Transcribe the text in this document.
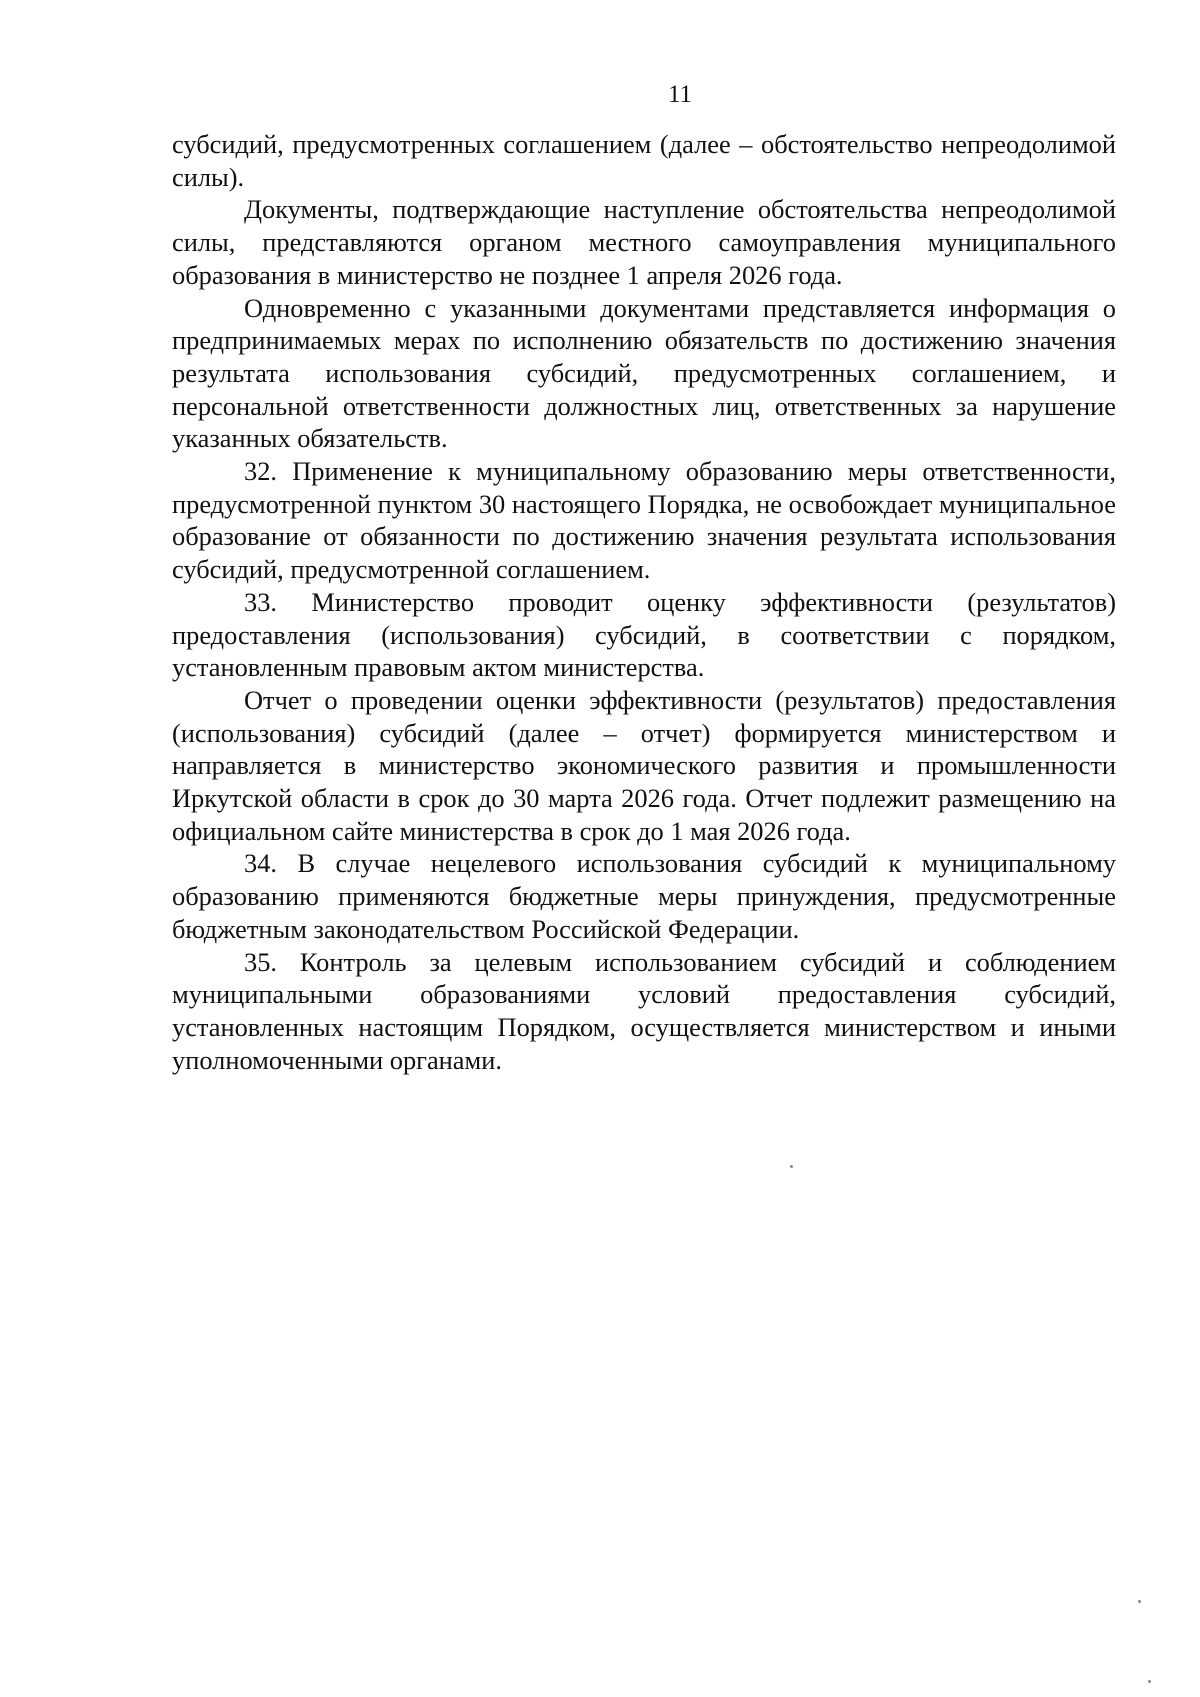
11

субсидий, предусмотренных соглашением (далее – обстоятельство непреодолимой силы).

Документы, подтверждающие наступление обстоятельства непреодолимой силы, представляются органом местного самоуправления муниципального образования в министерство не позднее 1 апреля 2026 года.

Одновременно с указанными документами представляется информация о предпринимаемых мерах по исполнению обязательств по достижению значения результата использования субсидий, предусмотренных соглашением, и персональной ответственности должностных лиц, ответственных за нарушение указанных обязательств.

32. Применение к муниципальному образованию меры ответственности, предусмотренной пунктом 30 настоящего Порядка, не освобождает муниципальное образование от обязанности по достижению значения результата использования субсидий, предусмотренной соглашением.

33. Министерство проводит оценку эффективности (результатов) предоставления (использования) субсидий, в соответствии с порядком, установленным правовым актом министерства.

Отчет о проведении оценки эффективности (результатов) предоставления (использования) субсидий (далее – отчет) формируется министерством и направляется в министерство экономического развития и промышленности Иркутской области в срок до 30 марта 2026 года. Отчет подлежит размещению на официальном сайте министерства в срок до 1 мая 2026 года.

34. В случае нецелевого использования субсидий к муниципальному образованию применяются бюджетные меры принуждения, предусмотренные бюджетным законодательством Российской Федерации.

35. Контроль за целевым использованием субсидий и соблюдением муниципальными образованиями условий предоставления субсидий, установленных настоящим Порядком, осуществляется министерством и иными уполномоченными органами.
